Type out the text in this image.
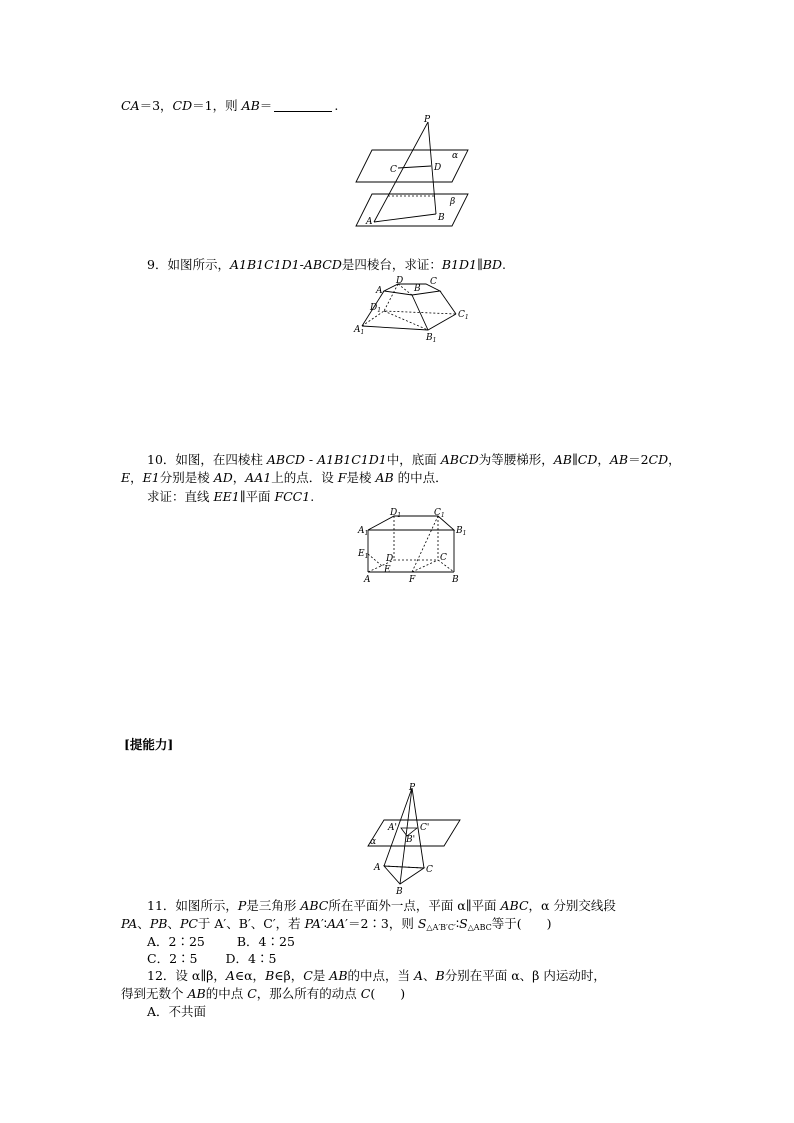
CA＝3，CD＝1，则 AB＝	.
P
C	D
α
β
A	B
9．如图所示，A1B1C1D1-ABCD是四棱台，求证：B1D1∥BD.
A
D
B
C
$D_1$
$A_1$
$B_1$
$C_1$
10．如图，在四棱柱 ABCD - A1B1C1D1中，底面 ABCD为等腰梯形，AB∥CD，AB＝2CD，
E，E1分别是棱 AD，AA1上的点．设 F是棱 AB 的中点．
求证：直线 EE1∥平面 FCC1.
$D_1$	$C_1$
$A_1$	$B_1$
$E_1$ D	C
E
A	F	B
[提能力]
P
A'	C'
B'
α
A	C
B
11．如图所示，P是三角形 ABC所在平面外一点，平面 α∥平面 ABC，α 分别交线段
PA、PB、PC于 A′、B′、C′，若 PA′∶AA′＝2∶3，则 $S_{\triangle A'B'C'}∶S_{\triangle ABC}$等于(　　)
A．2∶25	B．4∶25
C．2∶5 D．4∶5
12．设 α∥β，A∈α，B∈β，C是 AB的中点，当 A、B分别在平面 α、β 内运动时，
得到无数个 AB的中点 C，那么所有的动点 C(　　)
A．不共面
